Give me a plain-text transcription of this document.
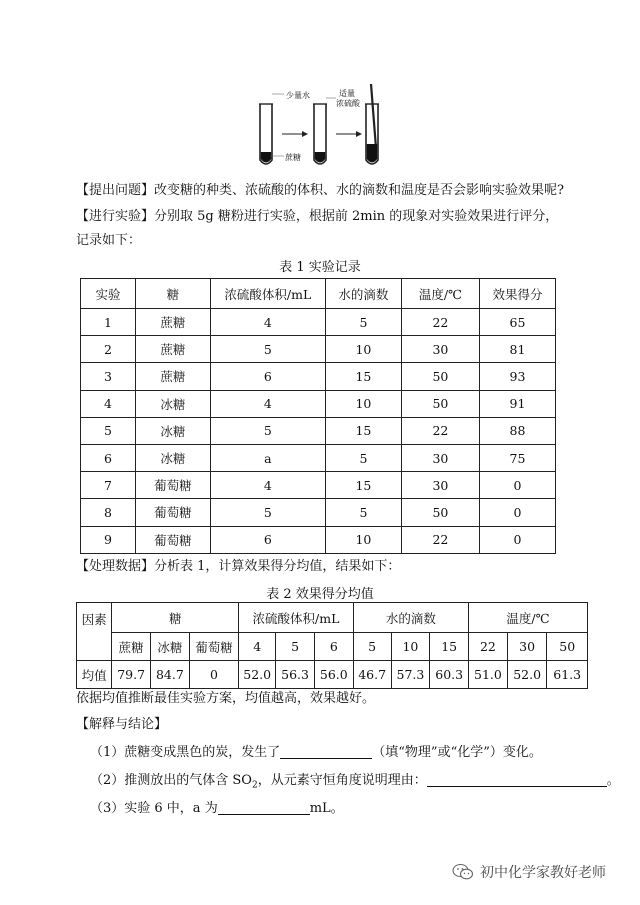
少量水	适量
浓硫酸
蔗糖
【提出问题】改变糖的种类、浓硫酸的体积、水的滴数和温度是否会影响实验效果呢?
【进行实验】分别取 5g 糖粉进行实验，根据前 2min 的现象对实验效果进行评分，
记录如下：
表 1 实验记录
实验	糖	浓硫酸体积/mL	水的滴数	温度/℃	效果得分
1	蔗糖	4	5	22	65
2	蔗糖	5	10	30	81
3	蔗糖	6	15	50	93
4	冰糖	4	10	50	91
5	冰糖	5	15	22	88
6	冰糖	a	5	30	75
7	葡萄糖	4	15	30	0
8	葡萄糖	5	5	50	0
9	葡萄糖	6	10	22	0
【处理数据】分析表 1，计算效果得分均值，结果如下：
表 2 效果得分均值
因素	糖			浓硫酸体积/mL			水的滴数			温度/℃		
	蔗糖	冰糖	葡萄糖	4	5	6	5	10	15	22	30	50
均值	79.7	84.7	0	52.0	56.3	56.0	46.7	57.3	60.3	51.0	52.0	61.3
依据均值推断最佳实验方案，均值越高，效果越好。
【解释与结论】
（1）蔗糖变成黑色的炭，发生了	（填“物理”或“化学”）变化。
（2）推测放出的气体含 $SO_2$，从元素守恒角度说明理由：	。
（3）实验 6 中，a 为	mL。
初中化学家教好老师
